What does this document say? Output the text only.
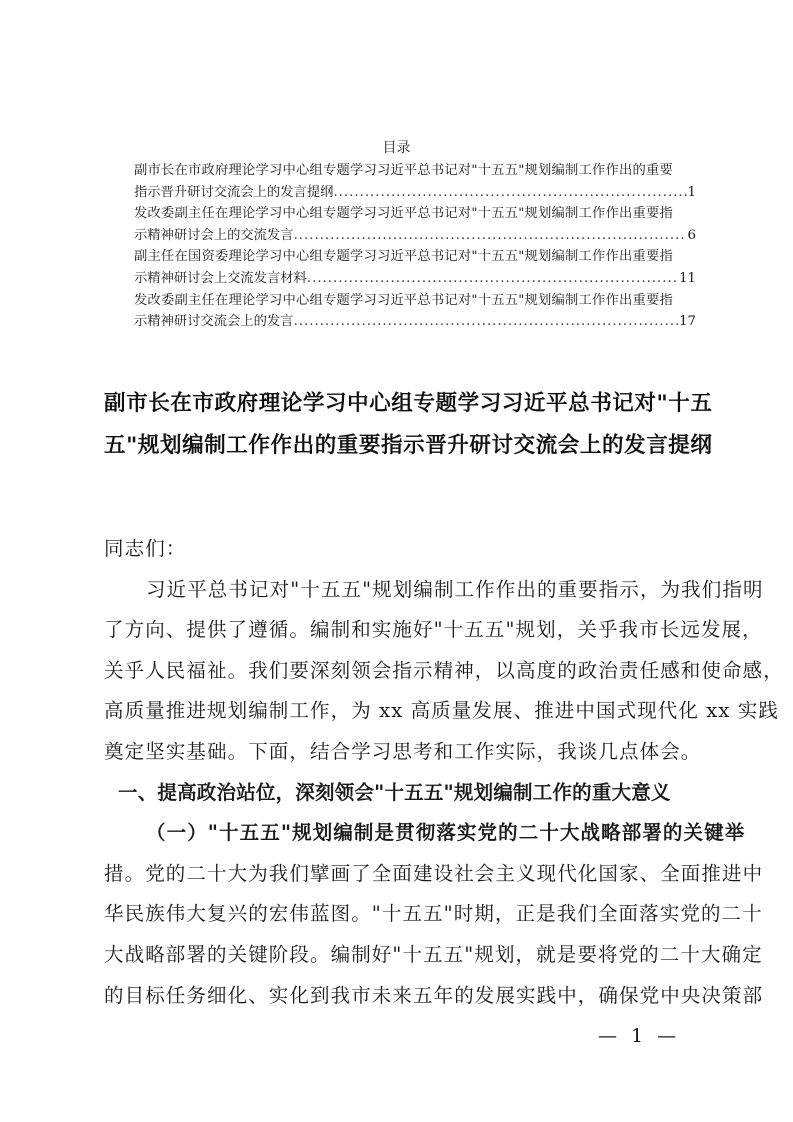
目录
副市长在市政府理论学习中心组专题学习习近平总书记对"十五五"规划编制工作作出的重要
指示晋升研讨交流会上的发言提纲 .....	1
发改委副主任在理论学习中心组专题学习习近平总书记对"十五五"规划编制工作作出重要指
示精神研讨会上的交流发言 .....	6
副主任在国资委理论学习中心组专题学习习近平总书记对"十五五"规划编制工作作出重要指
示精神研讨会上交流发言材料 .....	11
发改委副主任在理论学习中心组专题学习习近平总书记对"十五五"规划编制工作作出重要指
示精神研讨交流会上的发言 .....	17
副市长在市政府理论学习中心组专题学习习近平总书记对"十五
五"规划编制工作作出的重要指示晋升研讨交流会上的发言提纲
同志们：
习近平总书记对"十五五"规划编制工作作出的重要指示，为我们指明
了方向、提供了遵循。编制和实施好"十五五"规划，关乎我市长远发展，
关乎人民福祉。我们要深刻领会指示精神，以高度的政治责任感和使命感，
高质量推进规划编制工作，为 xx 高质量发展、推进中国式现代化 xx 实践
奠定坚实基础。下面，结合学习思考和工作实际，我谈几点体会。
一、提高政治站位，深刻领会"十五五"规划编制工作的重大意义
（一）"十五五"规划编制是贯彻落实党的二十大战略部署的关键举
措。党的二十大为我们擘画了全面建设社会主义现代化国家、全面推进中
华民族伟大复兴的宏伟蓝图。"十五五"时期，正是我们全面落实党的二十
大战略部署的关键阶段。编制好"十五五"规划，就是要将党的二十大确定
的目标任务细化、实化到我市未来五年的发展实践中，确保党中央决策部
— 1 —
